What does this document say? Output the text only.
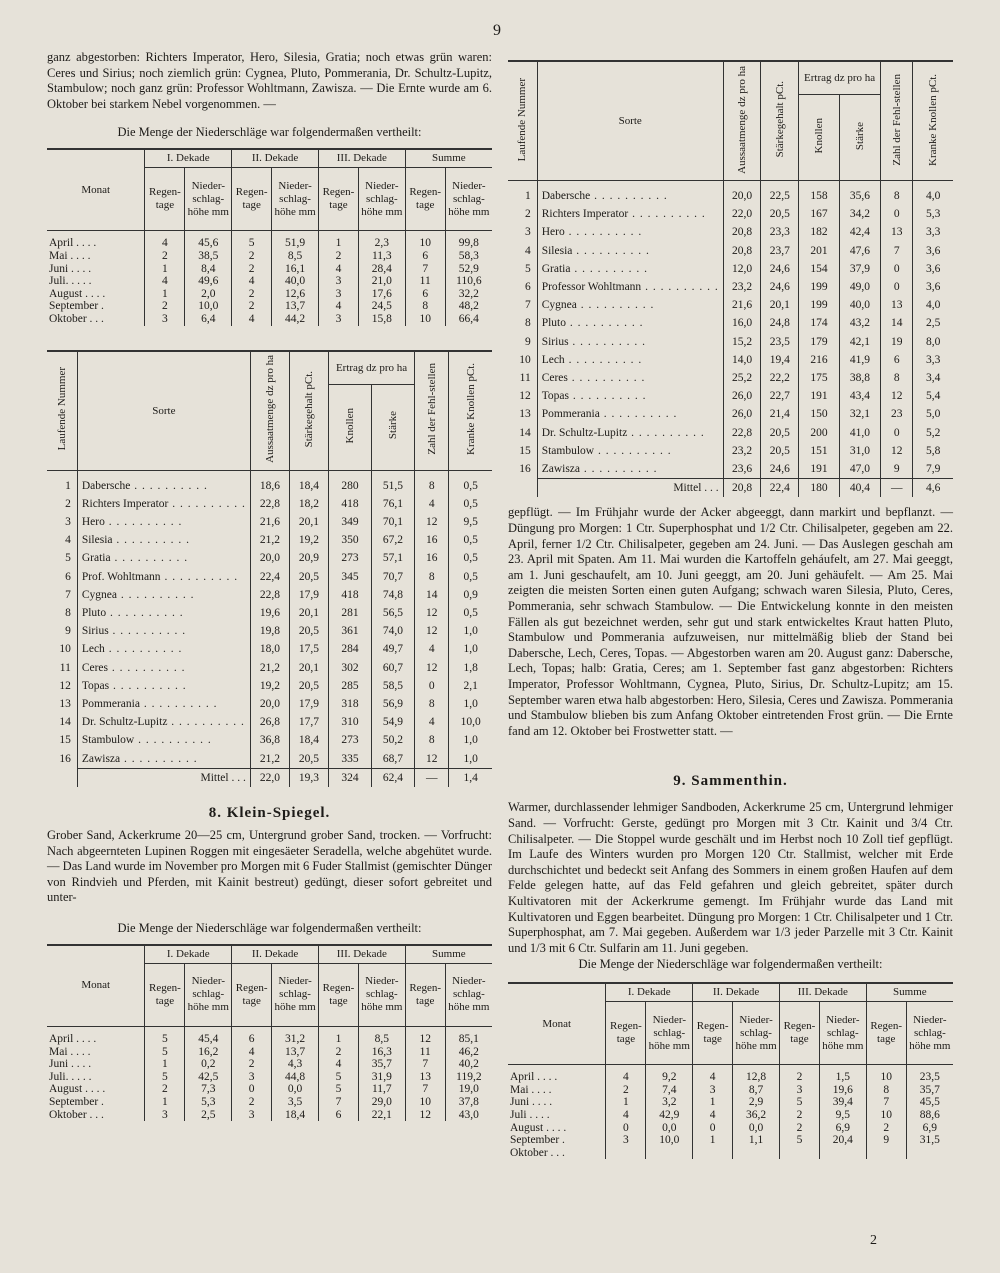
9

ganz abgestorben: Richters Imperator, Hero, Silesia, Gratia; noch etwas grün waren: Ceres und Sirius; noch ziemlich grün: Cygnea, Pluto, Pommerania, Dr. Schultz-Lupitz, Stambulow; noch ganz grün: Professor Wohltmann, Zawisza. — Die Ernte wurde am 6. Oktober bei starkem Nebel vorgenommen. —

Die Menge der Niederschläge war folgendermaßen vertheilt:

Monat	I. Dekade		II. Dekade		III. Dekade		Summe	
	Regen-tage	Nieder-schlag-höhe mm	Regen-tage	Nieder-schlag-höhe mm	Regen-tage	Nieder-schlag-höhe mm	Regen-tage	Nieder-schlag-höhe mm

April . . . .	4	45,6	5	51,9	1	2,3	10	99,8
Mai . . . .	2	38,5	2	8,5	2	11,3	6	58,3
Juni . . . .	1	8,4	2	16,1	4	28,4	7	52,9
Juli. . . . .	4	49,6	4	40,0	3	21,0	11	110,6
August . . . .	1	2,0	2	12,6	3	17,6	6	32,2
September .	2	10,0	2	13,7	4	24,5	8	48,2
Oktober . . .	3	6,4	4	44,2	3	15,8	10	66,4
Laufende Nummer	Sorte	Aussaatmenge dz pro ha	Stärkegehalt pCt.	Ertrag dz pro ha		Zahl der Fehl-stellen	Kranke Knollen pCt.
				Knollen	Stärke		

1	Dabersche . . . . . . . . . .	18,6	18,4	280	51,5	8	0,5
2	Richters Imperator . . . . . . . . . .	22,8	18,2	418	76,1	4	0,5
3	Hero . . . . . . . . . .	21,6	20,1	349	70,1	12	9,5
4	Silesia . . . . . . . . . .	21,2	19,2	350	67,2	16	0,5
5	Gratia . . . . . . . . . .	20,0	20,9	273	57,1	16	0,5
6	Prof. Wohltmann . . . . . . . . . .	22,4	20,5	345	70,7	8	0,5
7	Cygnea . . . . . . . . . .	22,8	17,9	418	74,8	14	0,9
8	Pluto . . . . . . . . . .	19,6	20,1	281	56,5	12	0,5
9	Sirius . . . . . . . . . .	19,8	20,5	361	74,0	12	1,0
10	Lech . . . . . . . . . .	18,0	17,5	284	49,7	4	1,0
11	Ceres . . . . . . . . . .	21,2	20,1	302	60,7	12	1,8
12	Topas . . . . . . . . . .	19,2	20,5	285	58,5	0	2,1
13	Pommerania . . . . . . . . . .	20,0	17,9	318	56,9	8	1,0
14	Dr. Schultz-Lupitz . . . . . . . . . .	26,8	17,7	310	54,9	4	10,0
15	Stambulow . . . . . . . . . .	36,8	18,4	273	50,2	8	1,0
16	Zawisza . . . . . . . . . .	21,2	20,5	335	68,7	12	1,0
	Mittel . . .	22,0	19,3	324	62,4	—	1,4

8. Klein-Spiegel.

Grober Sand, Ackerkrume 20—25 cm, Untergrund grober Sand, trocken. — Vorfrucht: Nach abgeernteten Lupinen Roggen mit eingesäeter Seradella, welche abgehütet wurde. — Das Land wurde im November pro Morgen mit 6 Fuder Stallmist (gemischter Dünger von Rindvieh und Pferden, mit Kainit bestreut) gedüngt, dieser sofort gebreitet und unter-

Die Menge der Niederschläge war folgendermaßen vertheilt:

Monat	I. Dekade		II. Dekade		III. Dekade		Summe	
	Regen-tage	Nieder-schlag-höhe mm	Regen-tage	Nieder-schlag-höhe mm	Regen-tage	Nieder-schlag-höhe mm	Regen-tage	Nieder-schlag-höhe mm

April . . . .	5	45,4	6	31,2	1	8,5	12	85,1
Mai . . . .	5	16,2	4	13,7	2	16,3	11	46,2
Juni . . . .	1	0,2	2	4,3	4	35,7	7	40,2
Juli. . . . .	5	42,5	3	44,8	5	31,9	13	119,2
August . . . .	2	7,3	0	0,0	5	11,7	7	19,0
September .	1	5,3	2	3,5	7	29,0	10	37,8
Oktober . . .	3	2,5	3	18,4	6	22,1	12	43,0
Laufende Nummer	Sorte	Aussaatmenge dz pro ha	Stärkegehalt pCt.	Ertrag dz pro ha		Zahl der Fehl-stellen	Kranke Knollen pCt.
				Knollen	Stärke		

1	Dabersche . . . . . . . . . .	20,0	22,5	158	35,6	8	4,0
2	Richters Imperator . . . . . . . . . .	22,0	20,5	167	34,2	0	5,3
3	Hero . . . . . . . . . .	20,8	23,3	182	42,4	13	3,3
4	Silesia . . . . . . . . . .	20,8	23,7	201	47,6	7	3,6
5	Gratia . . . . . . . . . .	12,0	24,6	154	37,9	0	3,6
6	Professor Wohltmann . . . . . . . . . .	23,2	24,6	199	49,0	0	3,6
7	Cygnea . . . . . . . . . .	21,6	20,1	199	40,0	13	4,0
8	Pluto . . . . . . . . . .	16,0	24,8	174	43,2	14	2,5
9	Sirius . . . . . . . . . .	15,2	23,5	179	42,1	19	8,0
10	Lech . . . . . . . . . .	14,0	19,4	216	41,9	6	3,3
11	Ceres . . . . . . . . . .	25,2	22,2	175	38,8	8	3,4
12	Topas . . . . . . . . . .	26,0	22,7	191	43,4	12	5,4
13	Pommerania . . . . . . . . . .	26,0	21,4	150	32,1	23	5,0
14	Dr. Schultz-Lupitz . . . . . . . . . .	22,8	20,5	200	41,0	0	5,2
15	Stambulow . . . . . . . . . .	23,2	20,5	151	31,0	12	5,8
16	Zawisza . . . . . . . . . .	23,6	24,6	191	47,0	9	7,9
	Mittel . . .	20,8	22,4	180	40,4	—	4,6

gepflügt. — Im Frühjahr wurde der Acker abgeeggt, dann markirt und bepflanzt. — Düngung pro Morgen: 1 Ctr. Superphosphat und 1/2 Ctr. Chilisalpeter, gegeben am 22. April, ferner 1/2 Ctr. Chilisalpeter, gegeben am 24. Juni. — Das Auslegen geschah am 23. April mit Spaten. Am 11. Mai wurden die Kartoffeln geháufelt, am 27. Mai geeggt, am 1. Juni geschaufelt, am 10. Juni geeggt, am 20. Juni gehäufelt. — Am 25. Mai zeigten die meisten Sorten einen guten Aufgang; schwach waren Silesia, Pluto, Ceres, Pommerania, sehr schwach Stambulow. — Die Entwickelung konnte in den meisten Fällen als gut bezeichnet werden, sehr gut und stark entwickeltes Kraut hatten Pluto, Stambulow und Pommerania aufzuweisen, nur mittelmäßig blieb der Stand bei Dabersche, Lech, Ceres, Topas. — Abgestorben waren am 20. August ganz: Dabersche, Lech, Topas; halb: Gratia, Ceres; am 1. September fast ganz abgestorben: Richters Imperator, Professor Wohltmann, Cygnea, Pluto, Sirius, Dr. Schultz-Lupitz; am 15. September waren etwa halb abgestorben: Hero, Silesia, Ceres und Zawisza. Pommerania und Stambulow blieben bis zum Anfang Oktober eintretenden Frost grün. — Die Ernte fand am 12. Oktober bei Frostwetter statt. —

9. Sammenthin.

Warmer, durchlassender lehmiger Sandboden, Ackerkrume 25 cm, Untergrund lehmiger Sand. — Vorfrucht: Gerste, gedüngt pro Morgen mit 3 Ctr. Kainit und 3/4 Ctr. Chilisalpeter. — Die Stoppel wurde geschält und im Herbst noch 10 Zoll tief gepflügt. Im Laufe des Winters wurden pro Morgen 120 Ctr. Stallmist, welcher mit Erde durchschichtet und bedeckt seit Anfang des Sommers in einem großen Haufen auf dem Felde gelegen hatte, auf das Feld gefahren und gleich gebreitet, später durch Kultivatoren mit der Ackerkrume gemengt. Im Frühjahr wurde das Land mit Kultivatoren und Eggen bearbeitet. Düngung pro Morgen: 1 Ctr. Chilisalpeter und 1 Ctr. Superphosphat, am 7. Mai gegeben. Außerdem war 1/3 jeder Parzelle mit 3 Ctr. Kainit und 1/3 mit 6 Ctr. Sulfarin am 11. Juni gegeben.

Die Menge der Niederschläge war folgendermaßen vertheilt:

Monat	I. Dekade		II. Dekade		III. Dekade		Summe	
	Regen-tage	Nieder-schlag-höhe mm	Regen-tage	Nieder-schlag-höhe mm	Regen-tage	Nieder-schlag-höhe mm	Regen-tage	Nieder-schlag-höhe mm

April . . . .	4	9,2	4	12,8	2	1,5	10	23,5
Mai . . . .	2	7,4	3	8,7	3	19,6	8	35,7
Juni . . . .	1	3,2	1	2,9	5	39,4	7	45,5
Juli . . . .	4	42,9	4	36,2	2	9,5	10	88,6
August . . . .	0	0,0	0	0,0	2	6,9	2	6,9
September .	3	10,0	1	1,1	5	20,4	9	31,5
Oktober . . .								
2
